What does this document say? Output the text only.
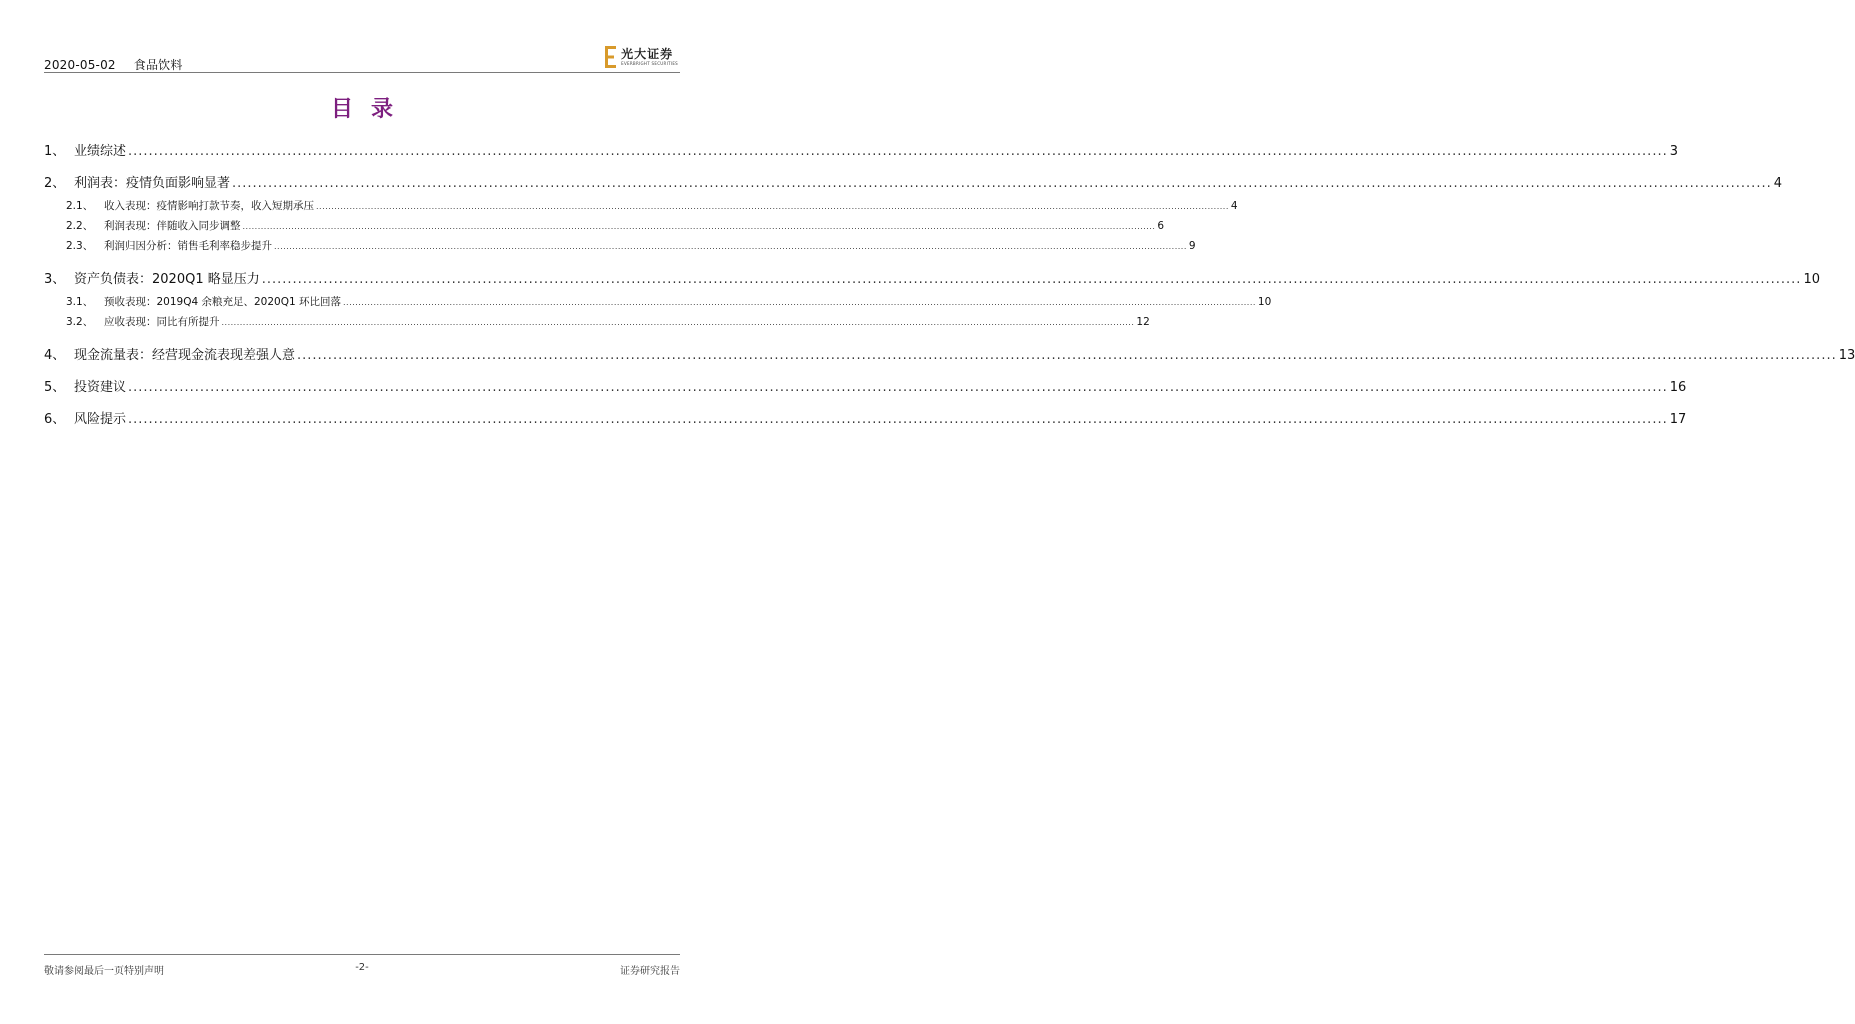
2020-05-02 食品饮料
光大证券
EVERBRIGHT SECURITIES
目录
1、 业绩综述 ............................................................................................................................................................................................................................................................................................................ 3
2、 利润表：疫情负面影响显著 ............................................................................................................................................................................................................................................................................................................ 4
2.1、	收入表现：疫情影响打款节奏，收入短期承压 ............................................................................................................................................................................................................................................................................................................ 4
2.2、	利润表现：伴随收入同步调整 ............................................................................................................................................................................................................................................................................................................ 6
2.3、	利润归因分析：销售毛利率稳步提升 ............................................................................................................................................................................................................................................................................................................ 9
3、 资产负债表：2020Q1 略显压力 ............................................................................................................................................................................................................................................................................................................ 10
3.1、	预收表现：2019Q4 余粮充足、2020Q1 环比回落 ............................................................................................................................................................................................................................................................................................................ 10
3.2、	应收表现：同比有所提升 ............................................................................................................................................................................................................................................................................................................ 12
4、 现金流量表：经营现金流表现差强人意 ............................................................................................................................................................................................................................................................................................................ 13
5、 投资建议 ............................................................................................................................................................................................................................................................................................................ 16
6、 风险提示 ............................................................................................................................................................................................................................................................................................................ 17
敬请参阅最后一页特别声明	-2-	证券研究报告
